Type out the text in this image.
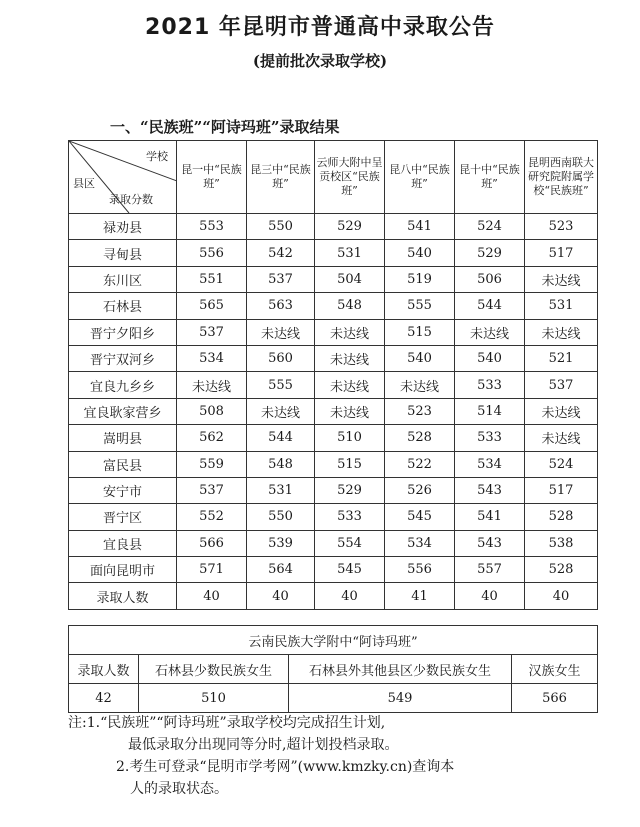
2021 年昆明市普通高中录取公告
(提前批次录取学校)
一、“民族班”“阿诗玛班”录取结果
学校
县区
录取分数	昆一中“民族班”	昆三中“民族班”	云师大附中呈贡校区“民族班”	昆八中“民族班”	昆十中“民族班”	昆明西南联大研究院附属学校“民族班”
禄劝县	553	550	529	541	524	523
寻甸县	556	542	531	540	529	517
东川区	551	537	504	519	506	未达线
石林县	565	563	548	555	544	531
晋宁夕阳乡	537	未达线	未达线	515	未达线	未达线
晋宁双河乡	534	560	未达线	540	540	521
宜良九乡乡	未达线	555	未达线	未达线	533	537
宜良耿家营乡	508	未达线	未达线	523	514	未达线
嵩明县	562	544	510	528	533	未达线
富民县	559	548	515	522	534	524
安宁市	537	531	529	526	543	517
晋宁区	552	550	533	545	541	528
宜良县	566	539	554	534	543	538
面向昆明市	571	564	545	556	557	528
录取人数	40	40	40	41	40	40
云南民族大学附中“阿诗玛班”			
录取人数	石林县少数民族女生	石林县外其他县区少数民族女生	汉族女生
42	510	549	566
注:1.“民族班”“阿诗玛班”录取学校均完成招生计划,
最低录取分出现同等分时,超计划投档录取。
2.考生可登录“昆明市学考网”(www.kmzky.cn)查询本
人的录取状态。
